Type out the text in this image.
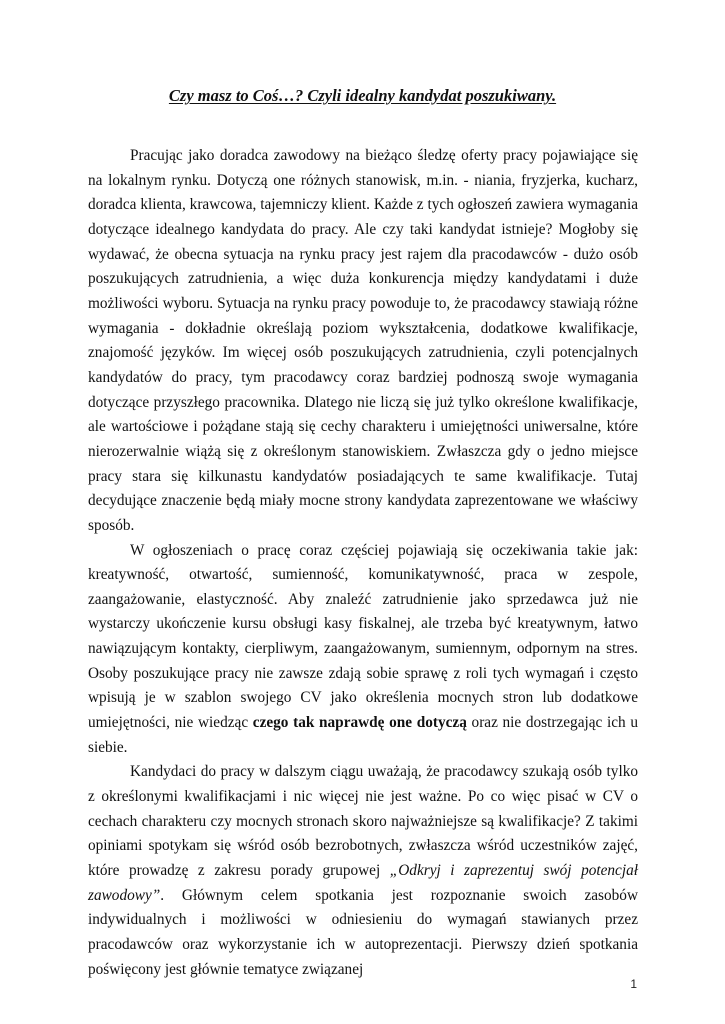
Czy masz to Coś…? Czyli idealny kandydat poszukiwany.

Pracując jako doradca zawodowy na bieżąco śledzę oferty pracy pojawiające się na lokalnym rynku. Dotyczą one różnych stanowisk, m.in. - niania, fryzjerka, kucharz, doradca klienta, krawcowa, tajemniczy klient. Każde z tych ogłoszeń zawiera wymagania dotyczące idealnego kandydata do pracy. Ale czy taki kandydat istnieje? Mogłoby się wydawać, że obecna sytuacja na rynku pracy jest rajem dla pracodawców - dużo osób poszukujących zatrudnienia, a więc duża konkurencja między kandydatami i duże możliwości wyboru. Sytuacja na rynku pracy powoduje to, że pracodawcy stawiają różne wymagania - dokładnie określają poziom wykształcenia, dodatkowe kwalifikacje, znajomość języków. Im więcej osób poszukujących zatrudnienia, czyli potencjalnych kandydatów do pracy, tym pracodawcy coraz bardziej podnoszą swoje wymagania dotyczące przyszłego pracownika. Dlatego nie liczą się już tylko określone kwalifikacje, ale wartościowe i pożądane stają się cechy charakteru i umiejętności uniwersalne, które nierozerwalnie wiążą się z określonym stanowiskiem. Zwłaszcza gdy o jedno miejsce pracy stara się kilkunastu kandydatów posiadających te same kwalifikacje. Tutaj decydujące znaczenie będą miały mocne strony kandydata zaprezentowane we właściwy sposób.

W ogłoszeniach o pracę coraz częściej pojawiają się oczekiwania takie jak: kreatywność, otwartość, sumienność, komunikatywność, praca w zespole, zaangażowanie, elastyczność. Aby znaleźć zatrudnienie jako sprzedawca już nie wystarczy ukończenie kursu obsługi kasy fiskalnej, ale trzeba być kreatywnym, łatwo nawiązującym kontakty, cierpliwym, zaangażowanym, sumiennym, odpornym na stres. Osoby poszukujące pracy nie zawsze zdają sobie sprawę z roli tych wymagań i często wpisują je w szablon swojego CV jako określenia mocnych stron lub dodatkowe umiejętności, nie wiedząc czego tak naprawdę one dotyczą oraz nie dostrzegając ich u siebie.

Kandydaci do pracy w dalszym ciągu uważają, że pracodawcy szukają osób tylko z określonymi kwalifikacjami i nic więcej nie jest ważne. Po co więc pisać w CV o cechach charakteru czy mocnych stronach skoro najważniejsze są kwalifikacje? Z takimi opiniami spotykam się wśród osób bezrobotnych, zwłaszcza wśród uczestników zajęć, które prowadzę z zakresu porady grupowej „Odkryj i zaprezentuj swój potencjał zawodowy”. Głównym celem spotkania jest rozpoznanie swoich zasobów indywidualnych i możliwości w odniesieniu do wymagań stawianych przez pracodawców oraz wykorzystanie ich w autoprezentacji. Pierwszy dzień spotkania poświęcony jest głównie tematyce związanej

1
